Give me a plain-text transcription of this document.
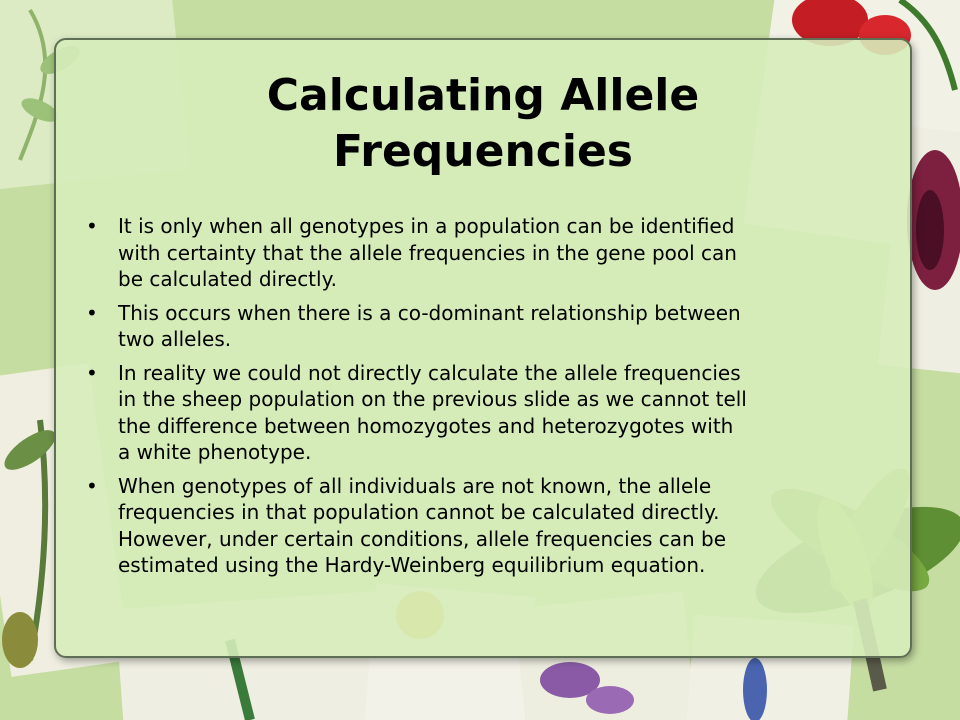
Calculating Allele
Frequencies
• It is only when all genotypes in a population can be identified
with certainty that the allele frequencies in the gene pool can
be calculated directly.
• This occurs when there is a co-dominant relationship between
two alleles.
• In reality we could not directly calculate the allele frequencies
in the sheep population on the previous slide as we cannot tell
the difference between homozygotes and heterozygotes with
a white phenotype.
• When genotypes of all individuals are not known, the allele
frequencies in that population cannot be calculated directly.
However, under certain conditions, allele frequencies can be
estimated using the Hardy-Weinberg equilibrium equation.
